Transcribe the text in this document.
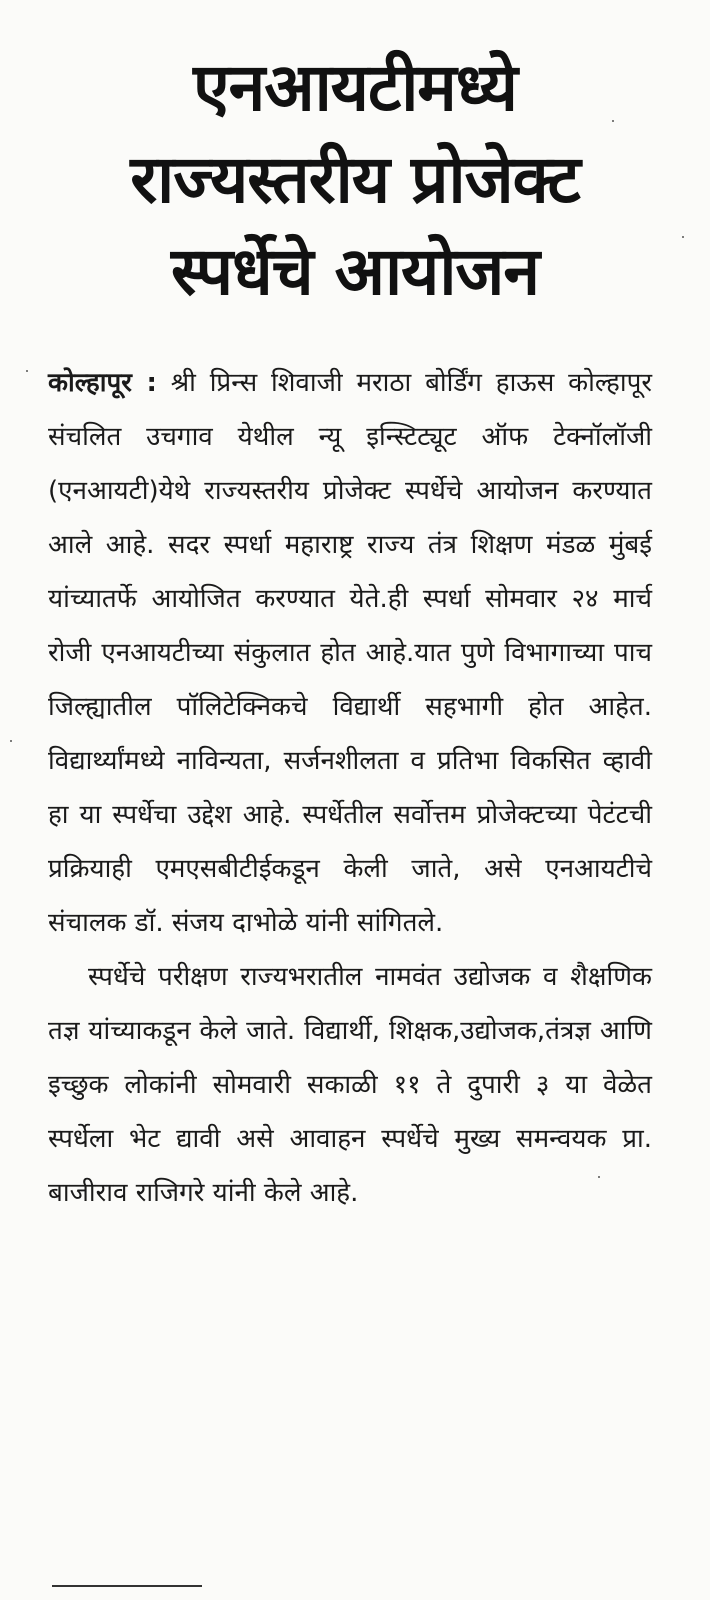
एनआयटीमध्ये
राज्यस्तरीय प्रोजेक्ट
स्पर्धेचे आयोजन

कोल्हापूर : श्री प्रिन्स शिवाजी मराठा बोर्डिंग हाऊस कोल्हापूर संचलित उचगाव येथील न्यू इन्स्टिट्यूट ऑफ टेक्नॉलॉजी (एनआयटी)येथे राज्यस्तरीय प्रोजेक्ट स्पर्धेचे आयोजन करण्यात आले आहे. सदर स्पर्धा महाराष्ट्र राज्य तंत्र शिक्षण मंडळ मुंबई यांच्यातर्फे आयोजित करण्यात येते.ही स्पर्धा सोमवार २४ मार्च रोजी एनआयटीच्या संकुलात होत आहे.यात पुणे विभागाच्या पाच जिल्ह्यातील पॉलिटेक्निकचे विद्यार्थी सहभागी होत आहेत. विद्यार्थ्यांमध्ये नाविन्यता, सर्जनशीलता व प्रतिभा विकसित व्हावी हा या स्पर्धेचा उद्देश आहे. स्पर्धेतील सर्वोत्तम प्रोजेक्टच्या पेटंटची प्रक्रियाही एमएसबीटीईकडून केली जाते, असे एनआयटीचे संचालक डॉ. संजय दाभोळे यांनी सांगितले.

स्पर्धेचे परीक्षण राज्यभरातील नामवंत उद्योजक व शैक्षणिक तज्ञ यांच्याकडून केले जाते. विद्यार्थी, शिक्षक,उद्योजक,तंत्रज्ञ आणि इच्छुक लोकांनी सोमवारी सकाळी ११ ते दुपारी ३ या वेळेत स्पर्धेला भेट द्यावी असे आवाहन स्पर्धेचे मुख्य समन्वयक प्रा. बाजीराव राजिगरे यांनी केले आहे.
